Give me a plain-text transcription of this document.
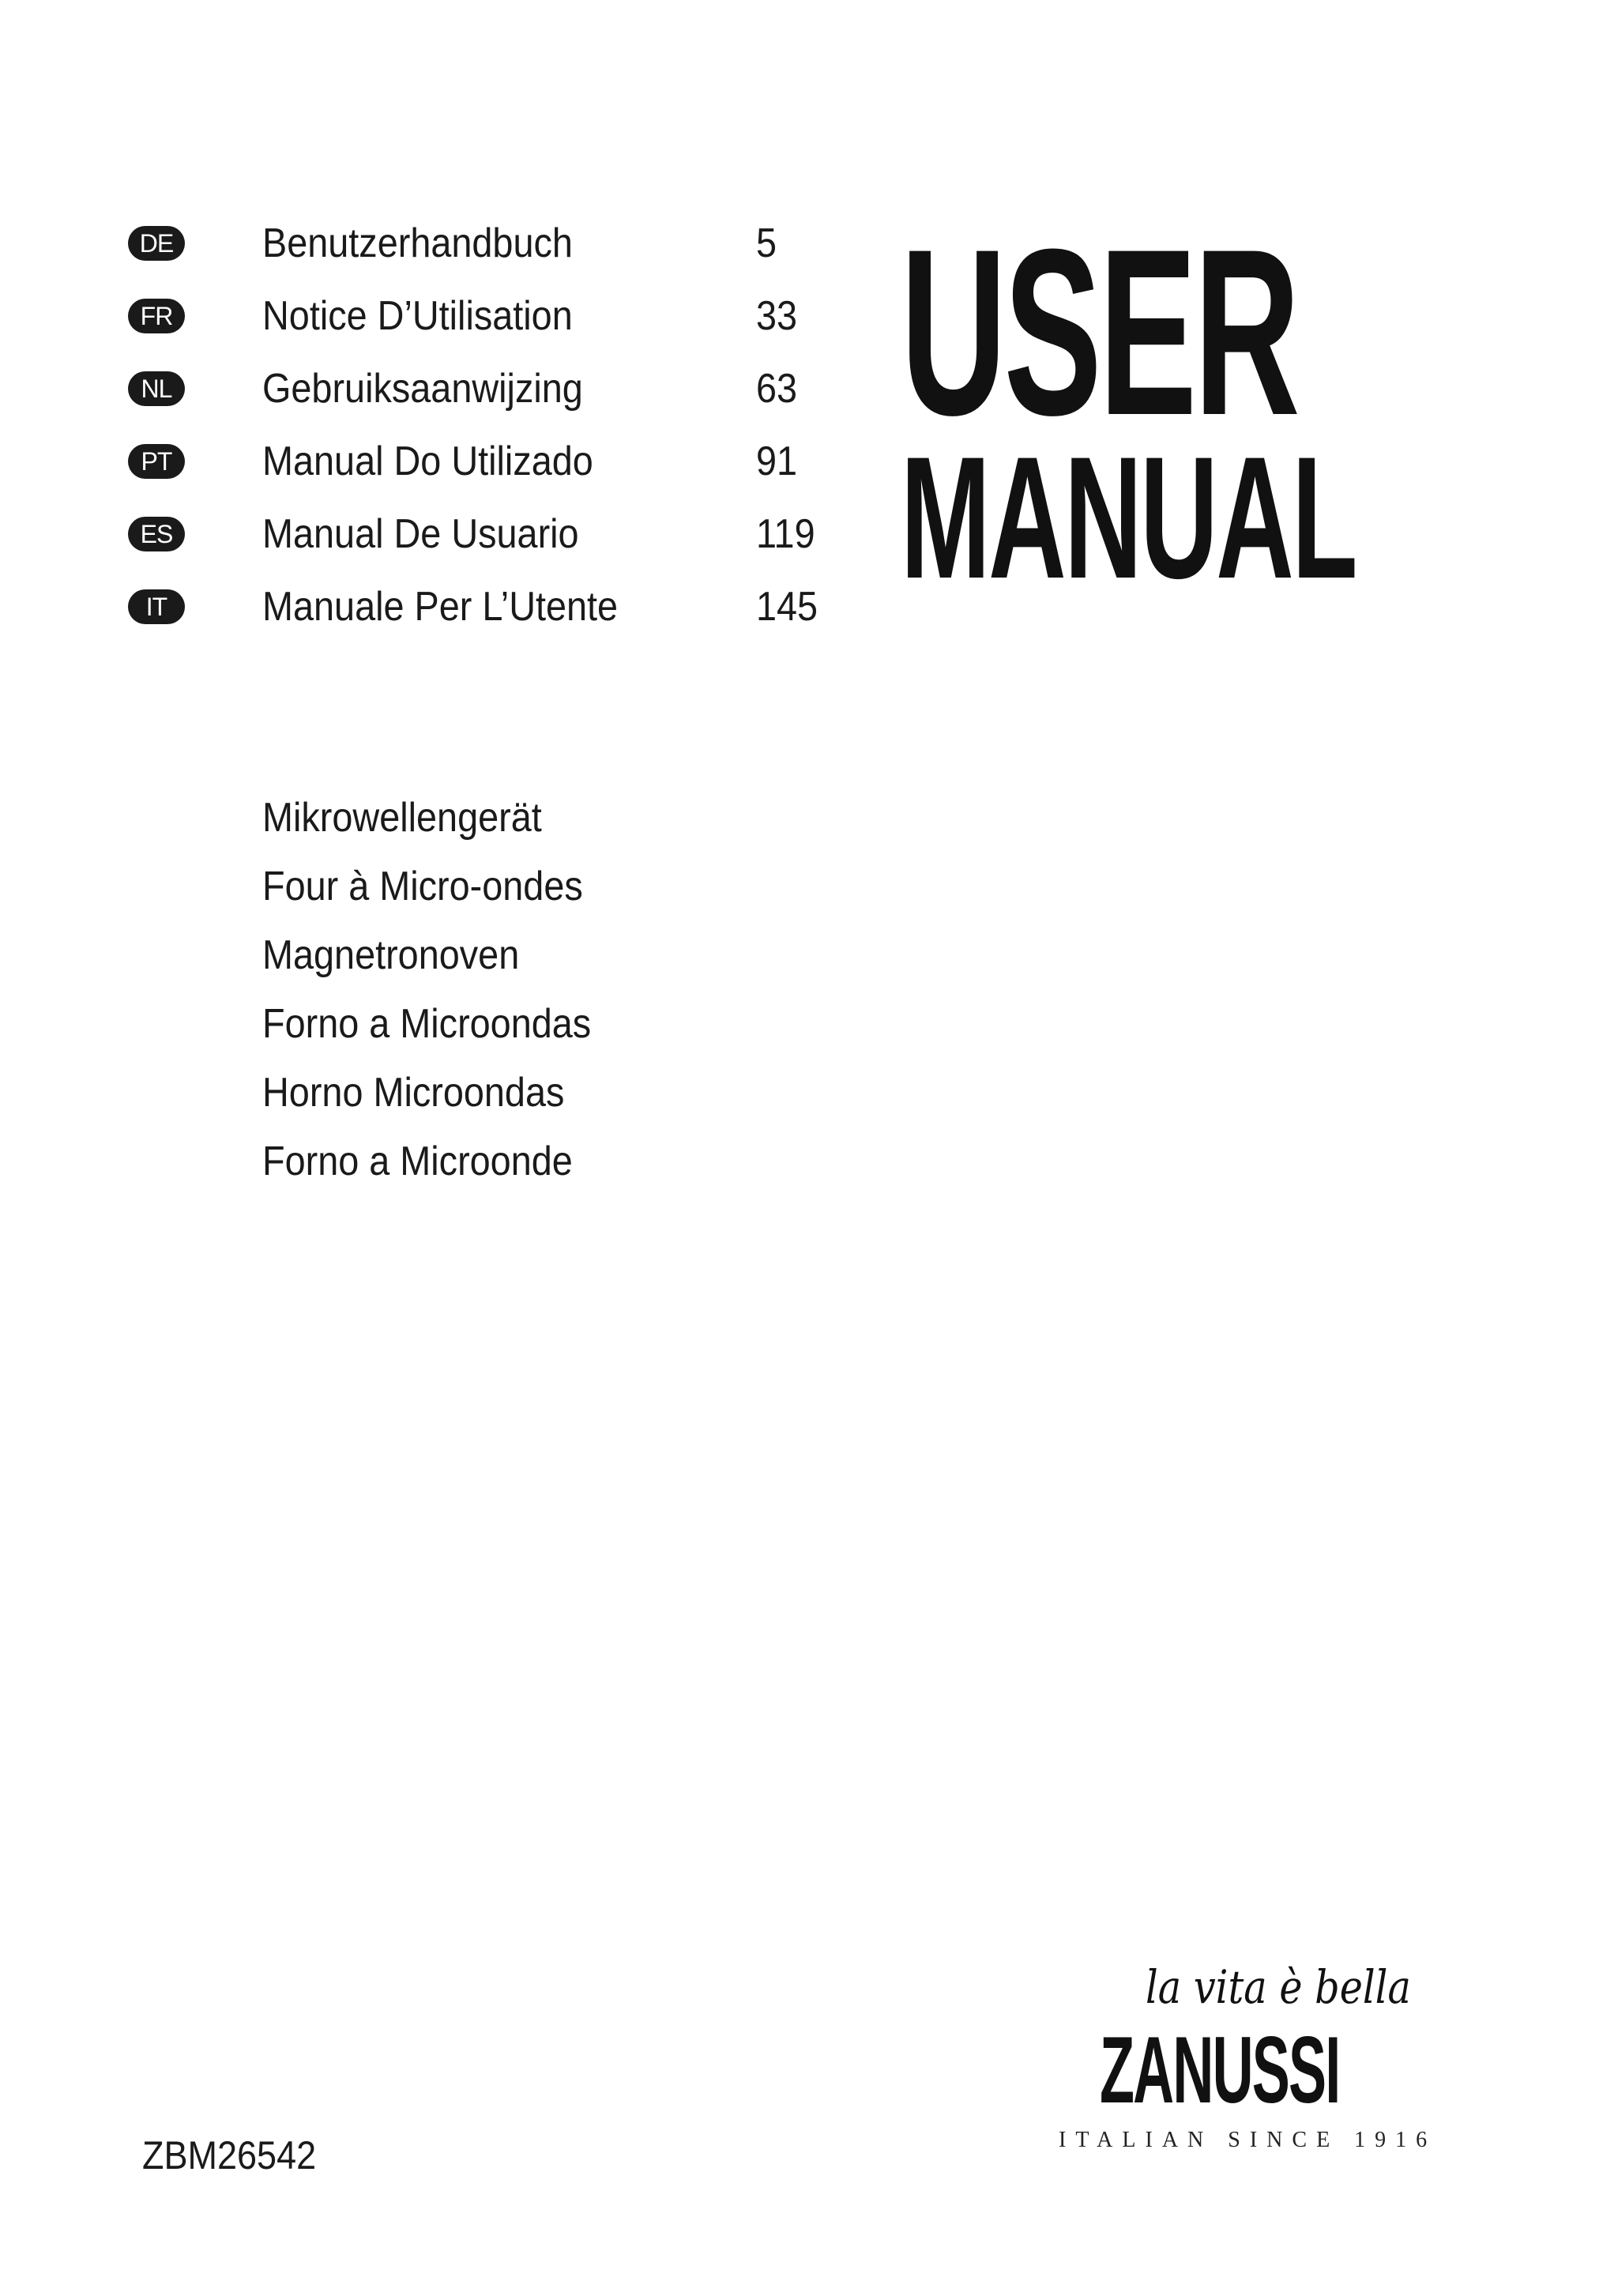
DE Benutzerhandbuch	5
FR	Notice D’Utilisation	33
NL	Gebruiksaanwijzing	63
PT	Manual Do Utilizado	91
ES	Manual De Usuario	119
IT	Manuale Per L’Utente	145
USER
MANUAL
Mikrowellengerät
Four à Micro-ondes
Magnetronoven
Forno a Microondas
Horno Microondas
Forno a Microonde
ZBM26542
la vita è bella
ZANUSSI
ITALIAN SINCE 1916
